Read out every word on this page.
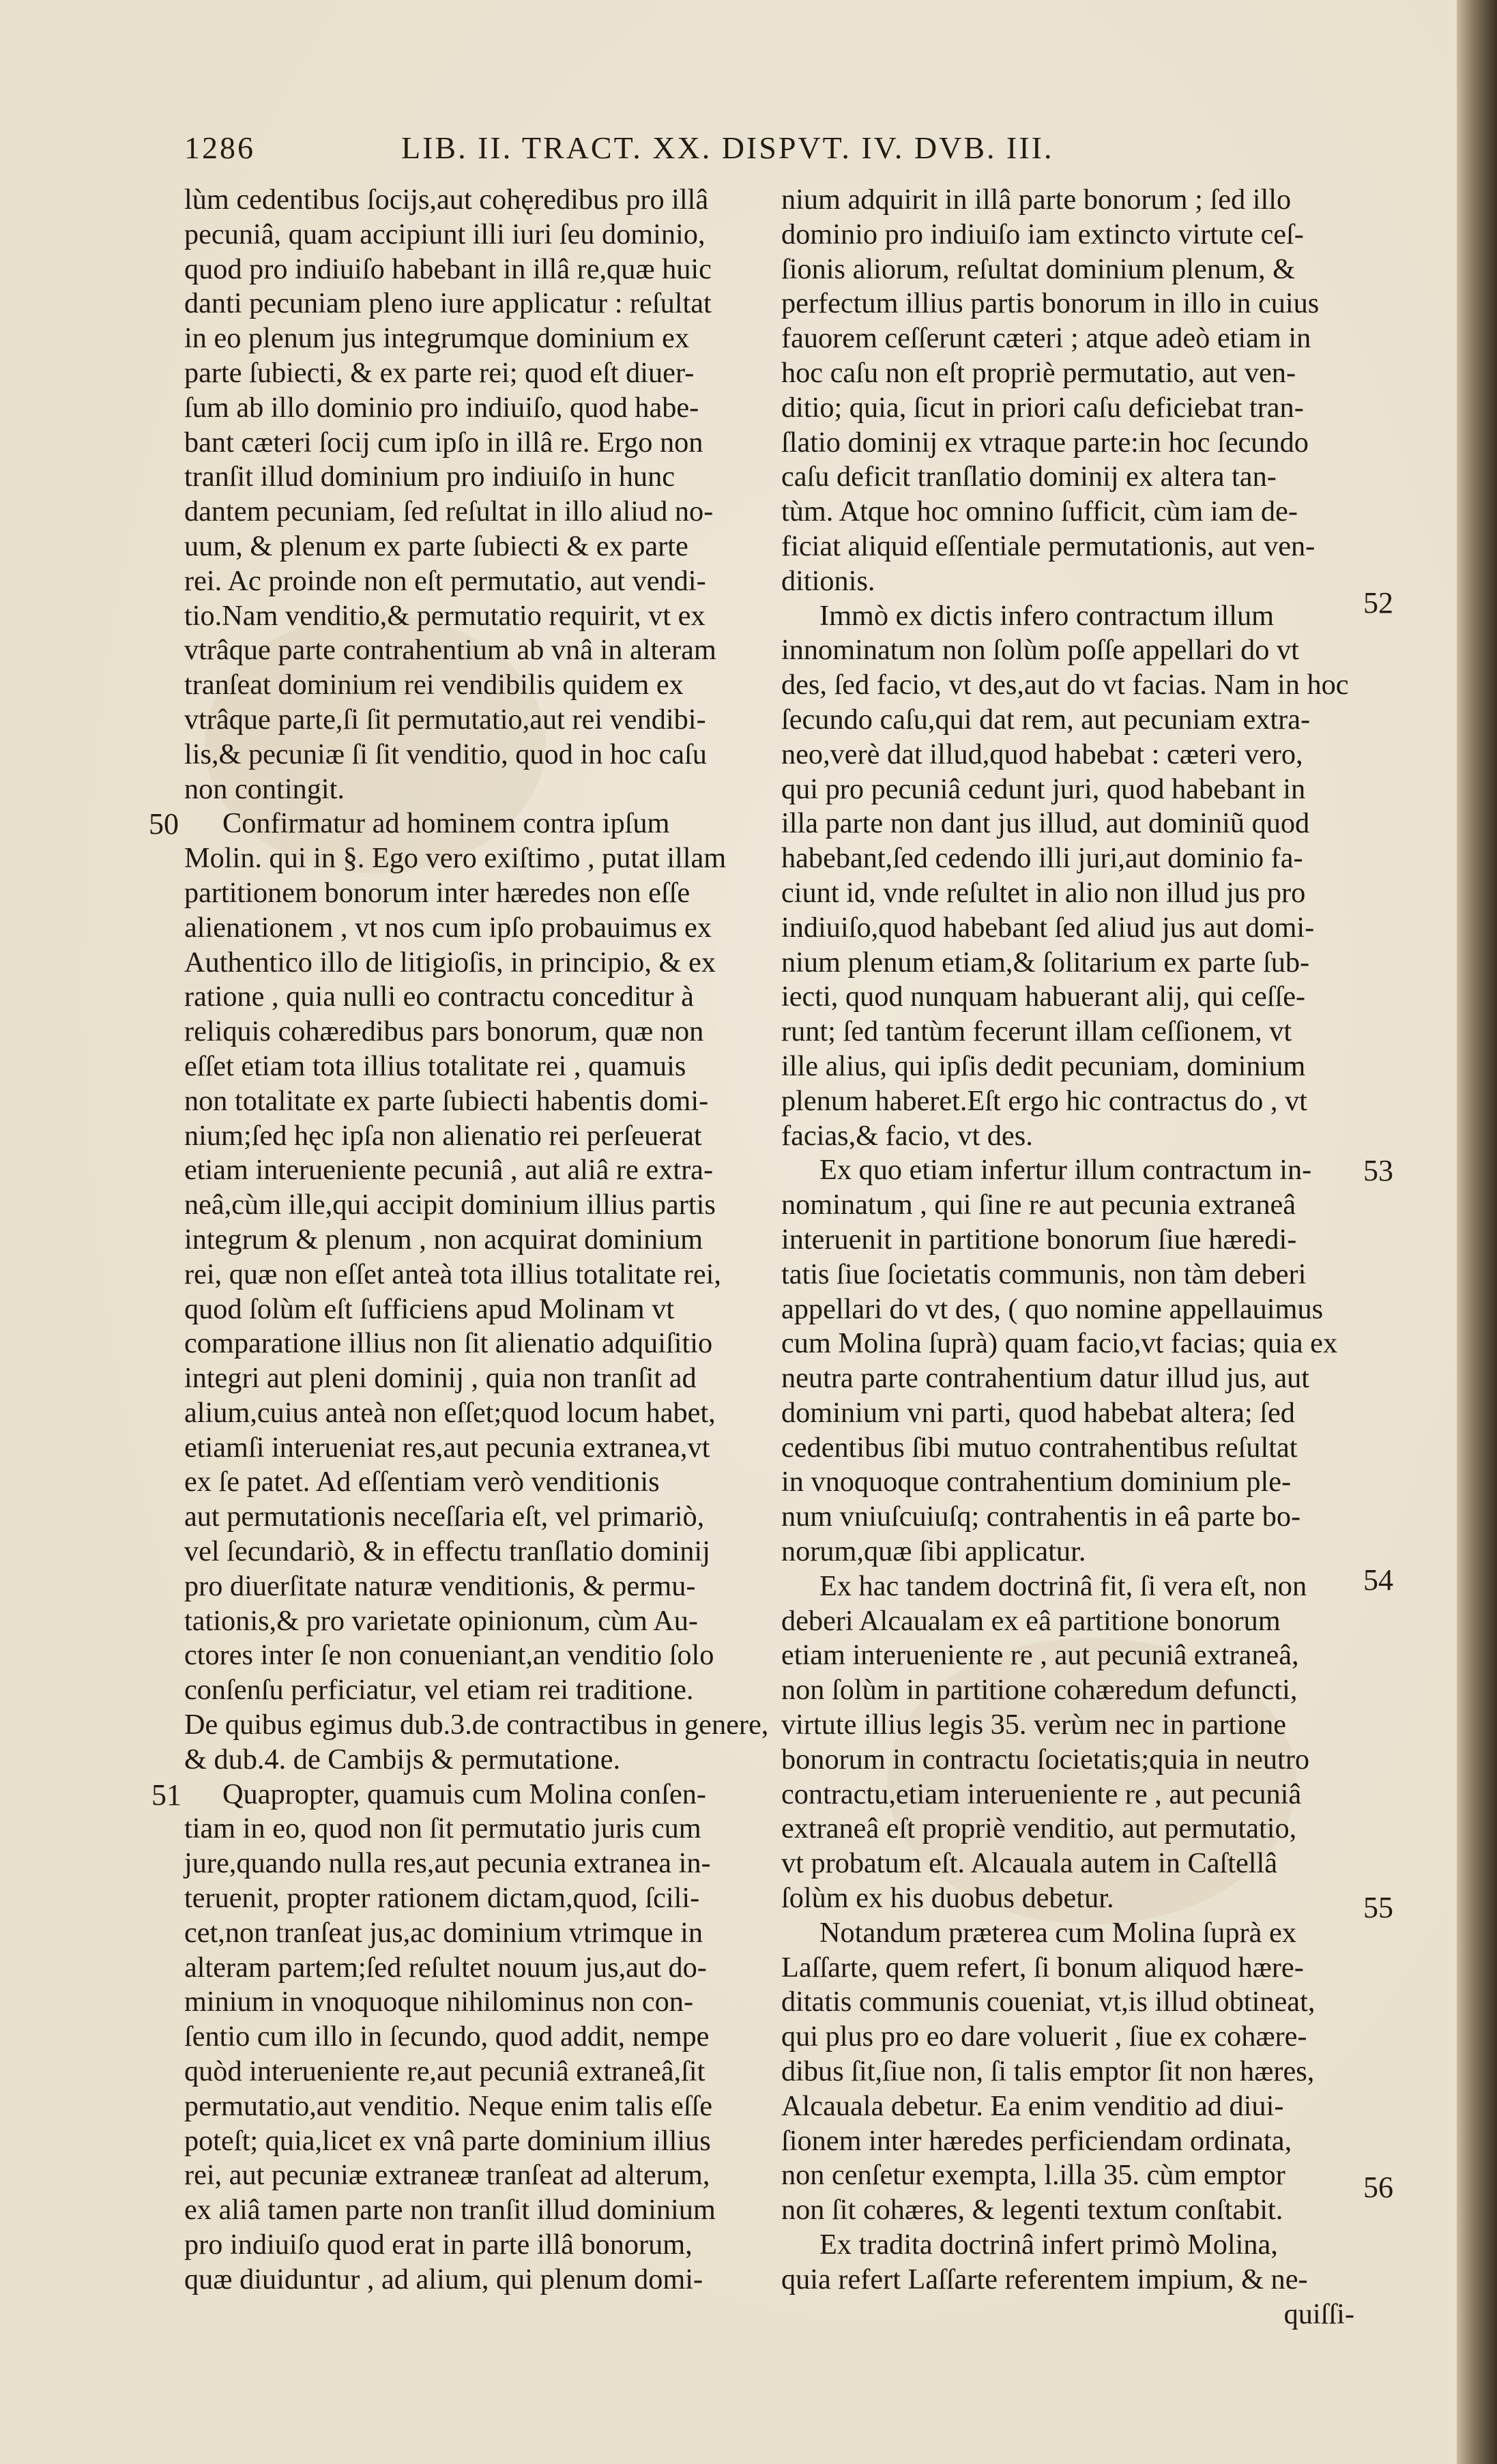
1286	LIB. II. TRACT. XX. DISPVT. IV. DVB. III.
lùm cedentibus ſocijs,aut cohęredibus pro illâ
pecuniâ, quam accipiunt illi iuri ſeu dominio,
quod pro indiuiſo habebant in illâ re,quæ huic
danti pecuniam pleno iure applicatur : reſultat
in eo plenum jus integrumque dominium ex
parte ſubiecti, & ex parte rei; quod eſt diuer-
ſum ab illo dominio pro indiuiſo, quod habe-
bant cæteri ſocij cum ipſo in illâ re. Ergo non
tranſit illud dominium pro indiuiſo in hunc
dantem pecuniam, ſed reſultat in illo aliud no-
uum, & plenum ex parte ſubiecti & ex parte
rei. Ac proinde non eſt permutatio, aut vendi-
tio.Nam venditio,& permutatio requirit, vt ex
vtrâque parte contrahentium ab vnâ in alteram
tranſeat dominium rei vendibilis quidem ex
vtrâque parte,ſi ſit permutatio,aut rei vendibi-
lis,& pecuniæ ſi ſit venditio, quod in hoc caſu
non contingit.
Confirmatur ad hominem contra ipſum
Molin. qui in §. Ego vero exiſtimo , putat illam
partitionem bonorum inter hæredes non eſſe
alienationem , vt nos cum ipſo probauimus ex
Authentico illo de litigioſis, in principio, & ex
ratione , quia nulli eo contractu conceditur à
reliquis cohæredibus pars bonorum, quæ non
eſſet etiam tota illius totalitate rei , quamuis
non totalitate ex parte ſubiecti habentis domi-
nium;ſed hęc ipſa non alienatio rei perſeuerat
etiam interueniente pecuniâ , aut aliâ re extra-
neâ,cùm ille,qui accipit dominium illius partis
integrum & plenum , non acquirat dominium
rei, quæ non eſſet anteà tota illius totalitate rei,
quod ſolùm eſt ſufficiens apud Molinam vt
comparatione illius non ſit alienatio adquiſitio
integri aut pleni dominij , quia non tranſit ad
alium,cuius anteà non eſſet;quod locum habet,
etiamſi interueniat res,aut pecunia extranea,vt
ex ſe patet. Ad eſſentiam verò venditionis
aut permutationis neceſſaria eſt, vel primariò,
vel ſecundariò, & in effectu tranſlatio dominij
pro diuerſitate naturæ venditionis, & permu-
tationis,& pro varietate opinionum, cùm Au-
ctores inter ſe non conueniant,an venditio ſolo
conſenſu perficiatur, vel etiam rei traditione.
De quibus egimus dub.3.de contractibus in genere,
& dub.4. de Cambijs & permutatione.
Quapropter, quamuis cum Molina conſen-
tiam in eo, quod non ſit permutatio juris cum
jure,quando nulla res,aut pecunia extranea in-
teruenit, propter rationem dictam,quod, ſcili-
cet,non tranſeat jus,ac dominium vtrimque in
alteram partem;ſed reſultet nouum jus,aut do-
minium in vnoquoque nihilominus non con-
ſentio cum illo in ſecundo, quod addit, nempe
quòd interueniente re,aut pecuniâ extraneâ,ſit
permutatio,aut venditio. Neque enim talis eſſe
poteſt; quia,licet ex vnâ parte dominium illius
rei, aut pecuniæ extraneæ tranſeat ad alterum,
ex aliâ tamen parte non tranſit illud dominium
pro indiuiſo quod erat in parte illâ bonorum,
quæ diuiduntur , ad alium, qui plenum domi-
nium adquirit in illâ parte bonorum ; ſed illo
dominio pro indiuiſo iam extincto virtute ceſ-
ſionis aliorum, reſultat dominium plenum, &
perfectum illius partis bonorum in illo in cuius
fauorem ceſſerunt cæteri ; atque adeò etiam in
hoc caſu non eſt propriè permutatio, aut ven-
ditio; quia, ſicut in priori caſu deficiebat tran-
ſlatio dominij ex vtraque parte:in hoc ſecundo
caſu deficit tranſlatio dominij ex altera tan-
tùm. Atque hoc omnino ſufficit, cùm iam de-
ficiat aliquid eſſentiale permutationis, aut ven-
ditionis.
Immò ex dictis infero contractum illum
innominatum non ſolùm poſſe appellari do vt
des, ſed facio, vt des,aut do vt facias. Nam in hoc
ſecundo caſu,qui dat rem, aut pecuniam extra-
neo,verè dat illud,quod habebat : cæteri vero,
qui pro pecuniâ cedunt juri, quod habebant in
illa parte non dant jus illud, aut dominiũ quod
habebant,ſed cedendo illi juri,aut dominio fa-
ciunt id, vnde reſultet in alio non illud jus pro
indiuiſo,quod habebant ſed aliud jus aut domi-
nium plenum etiam,& ſolitarium ex parte ſub-
iecti, quod nunquam habuerant alij, qui ceſſe-
runt; ſed tantùm fecerunt illam ceſſionem, vt
ille alius, qui ipſis dedit pecuniam, dominium
plenum haberet.Eſt ergo hic contractus do , vt
facias,& facio, vt des.
Ex quo etiam infertur illum contractum in-
nominatum , qui ſine re aut pecunia extraneâ
interuenit in partitione bonorum ſiue hæredi-
tatis ſiue ſocietatis communis, non tàm deberi
appellari do vt des, ( quo nomine appellauimus
cum Molina ſuprà) quam facio,vt facias; quia ex
neutra parte contrahentium datur illud jus, aut
dominium vni parti, quod habebat altera; ſed
cedentibus ſibi mutuo contrahentibus reſultat
in vnoquoque contrahentium dominium ple-
num vniuſcuiuſq; contrahentis in eâ parte bo-
norum,quæ ſibi applicatur.
Ex hac tandem doctrinâ fit, ſi vera eſt, non
deberi Alcaualam ex eâ partitione bonorum
etiam interueniente re , aut pecuniâ extraneâ,
non ſolùm in partitione cohæredum defuncti,
virtute illius legis 35. verùm nec in partione
bonorum in contractu ſocietatis;quia in neutro
contractu,etiam interueniente re , aut pecuniâ
extraneâ eſt propriè venditio, aut permutatio,
vt probatum eſt. Alcauala autem in Caſtellâ
ſolùm ex his duobus debetur.
Notandum præterea cum Molina ſuprà ex
Laſſarte, quem refert, ſi bonum aliquod hære-
ditatis communis coueniat, vt,is illud obtineat,
qui plus pro eo dare voluerit , ſiue ex cohære-
dibus ſit,ſiue non, ſi talis emptor ſit non hæres,
Alcauala debetur. Ea enim venditio ad diui-
ſionem inter hæredes perficiendam ordinata,
non cenſetur exempta, l.illa 35. cùm emptor
non ſit cohæres, & legenti textum conſtabit.
Ex tradita doctrinâ infert primò Molina,
quia refert Laſſarte referentem impium, & ne-
quiſſi-
50
51
52
53
54
55
56
